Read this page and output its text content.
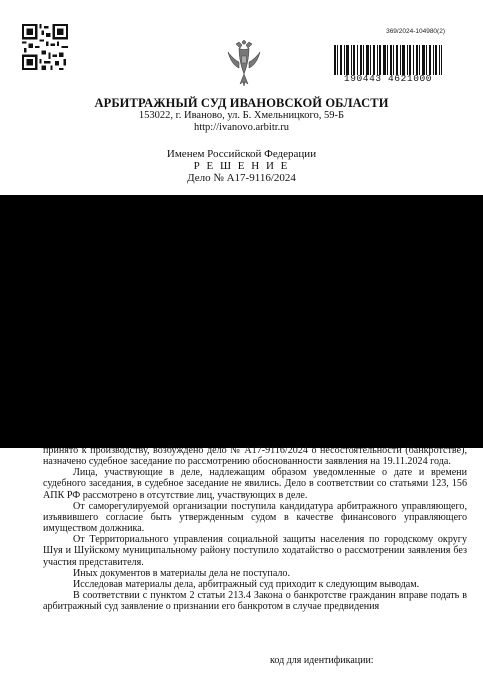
369/2024-104980(2)
190443 4621000
АРБИТРАЖНЫЙ СУД ИВАНОВСКОЙ ОБЛАСТИ
153022, г. Иваново, ул. Б. Хмельницкого, 59-Б
http://ivanovo.arbitr.ru
Именем Российской Федерации
Р Е Ш Е Н И Е
Дело № А17-9116/2024

принято к производству, возбуждено дело № А17-9116/2024 о несостоятельности (банкротстве), назначено судебное заседание по рассмотрению обоснованности заявления на 19.11.2024 года.

Лица, участвующие в деле, надлежащим образом уведомленные о дате и времени судебного заседания, в судебное заседание не явились. Дело в соответствии со статьями 123, 156 АПК РФ рассмотрено в отсутствие лиц, участвующих в деле.

От саморегулируемой организации поступила кандидатура арбитражного управляющего, изъявившего согласие быть утвержденным судом в качестве финансового управляющего имуществом должника.

От Территориального управления социальной защиты населения по городскому округу Шуя и Шуйскому муниципальному району поступило ходатайство о рассмотрении заявления без участия представителя.

Иных документов в материалы дела не поступало.

Исследовав материалы дела, арбитражный суд приходит к следующим выводам.

В соответствии с пунктом 2 статьи 213.4 Закона о банкротстве гражданин вправе подать в арбитражный суд заявление о признании его банкротом в случае предвидения

код для идентификации:
